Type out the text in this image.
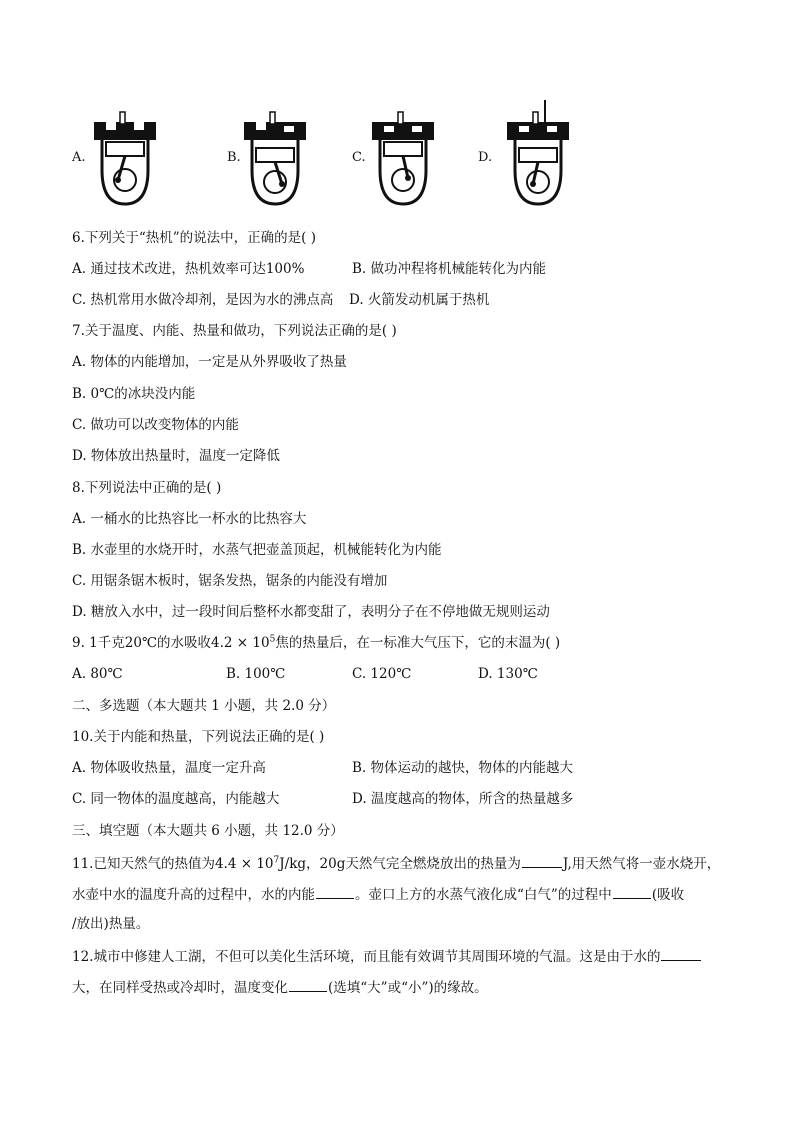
A.	B.	C.	D.
6.下列关于“热机”的说法中，正确的是( )
A. 通过技术改进，热机效率可达100%	B. 做功冲程将机械能转化为内能
C. 热机常用水做冷却剂，是因为水的沸点高 D. 火箭发动机属于热机
7.关于温度、内能、热量和做功，下列说法正确的是( )
A. 物体的内能增加，一定是从外界吸收了热量
B. 0℃的冰块没内能
C. 做功可以改变物体的内能
D. 物体放出热量时，温度一定降低
8.下列说法中正确的是( )
A. 一桶水的比热容比一杯水的比热容大
B. 水壶里的水烧开时，水蒸气把壶盖顶起，机械能转化为内能
C. 用锯条锯木板时，锯条发热，锯条的内能没有增加
D. 糖放入水中，过一段时间后整杯水都变甜了，表明分子在不停地做无规则运动
9. 1千克20℃的水吸收$4.2 \times 10^5$焦的热量后，在一标准大气压下，它的末温为( )
A. 80℃	B. 100℃	C. 120℃	D. 130℃
二、多选题（本大题共 1 小题，共 2.0 分）
10.关于内能和热量，下列说法正确的是( )
A. 物体吸收热量，温度一定升高	B. 物体运动的越快，物体的内能越大
C. 同一物体的温度越高，内能越大	D. 温度越高的物体，所含的热量越多
三、填空题（本大题共 6 小题，共 12.0 分）
11.已知天然气的热值为$4.4 \times 10^7J/kg$，20g天然气完全燃烧放出的热量为	J,用天然气将一壶水烧开，
水壶中水的温度升高的过程中，水的内能	。壶口上方的水蒸气液化成“白气”的过程中	(吸收
/放出)热量。
12.城市中修建人工湖，不但可以美化生活环境，而且能有效调节其周围环境的气温。这是由于水的
大，在同样受热或冷却时，温度变化	(选填“大”或“小”)的缘故。
